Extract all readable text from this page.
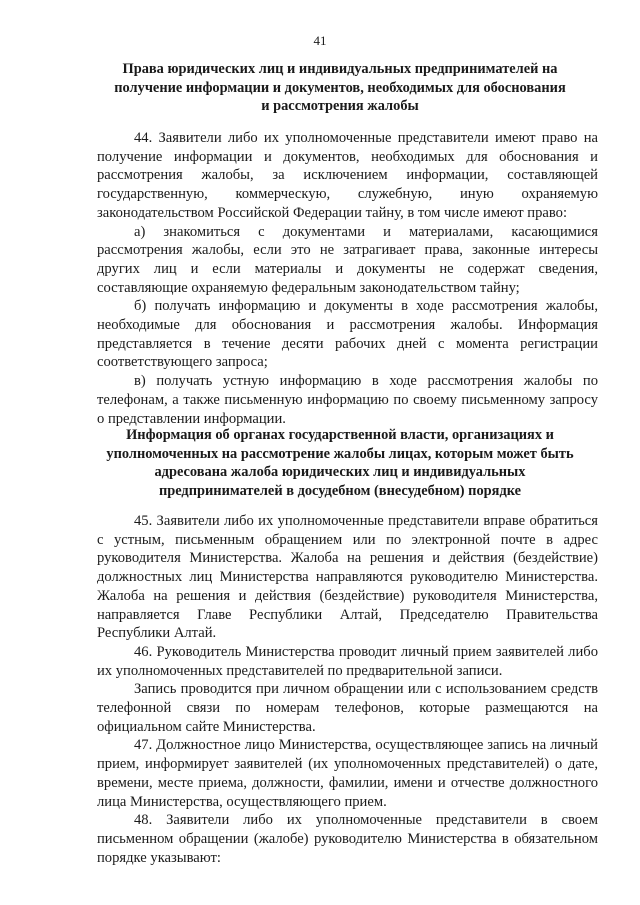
41
Права юридических лиц и индивидуальных предпринимателей на
получение информации и документов, необходимых для обоснования
и рассмотрения жалобы

44. Заявители либо их уполномоченные представители имеют право на получение информации и документов, необходимых для обоснования и рассмотрения жалобы, за исключением информации, составляющей государственную, коммерческую, служебную, иную охраняемую законодательством Российской Федерации тайну, в том числе имеют право:

а) знакомиться с документами и материалами, касающимися рассмотрения жалобы, если это не затрагивает права, законные интересы других лиц и если материалы и документы не содержат сведения, составляющие охраняемую федеральным законодательством тайну;

б) получать информацию и документы в ходе рассмотрения жалобы, необходимые для обоснования и рассмотрения жалобы. Информация представляется в течение десяти рабочих дней с момента регистрации соответствующего запроса;

в) получать устную информацию в ходе рассмотрения жалобы по телефонам, а также письменную информацию по своему письменному запросу о представлении информации.

Информация об органах государственной власти, организациях и
уполномоченных на рассмотрение жалобы лицах, которым может быть
адресована жалоба юридических лиц и индивидуальных
предпринимателей в досудебном (внесудебном) порядке

45. Заявители либо их уполномоченные представители вправе обратиться с устным, письменным обращением или по электронной почте в адрес руководителя Министерства. Жалоба на решения и действия (бездействие) должностных лиц Министерства направляются руководителю Министерства. Жалоба на решения и действия (бездействие) руководителя Министерства, направляется Главе Республики Алтай, Председателю Правительства Республики Алтай.

46. Руководитель Министерства проводит личный прием заявителей либо их уполномоченных представителей по предварительной записи.

Запись проводится при личном обращении или с использованием средств телефонной связи по номерам телефонов, которые размещаются на официальном сайте Министерства.

47. Должностное лицо Министерства, осуществляющее запись на личный прием, информирует заявителей (их уполномоченных представителей) о дате, времени, месте приема, должности, фамилии, имени и отчестве должностного лица Министерства, осуществляющего прием.

48. Заявители либо их уполномоченные представители в своем письменном обращении (жалобе) руководителю Министерства в обязательном порядке указывают:
